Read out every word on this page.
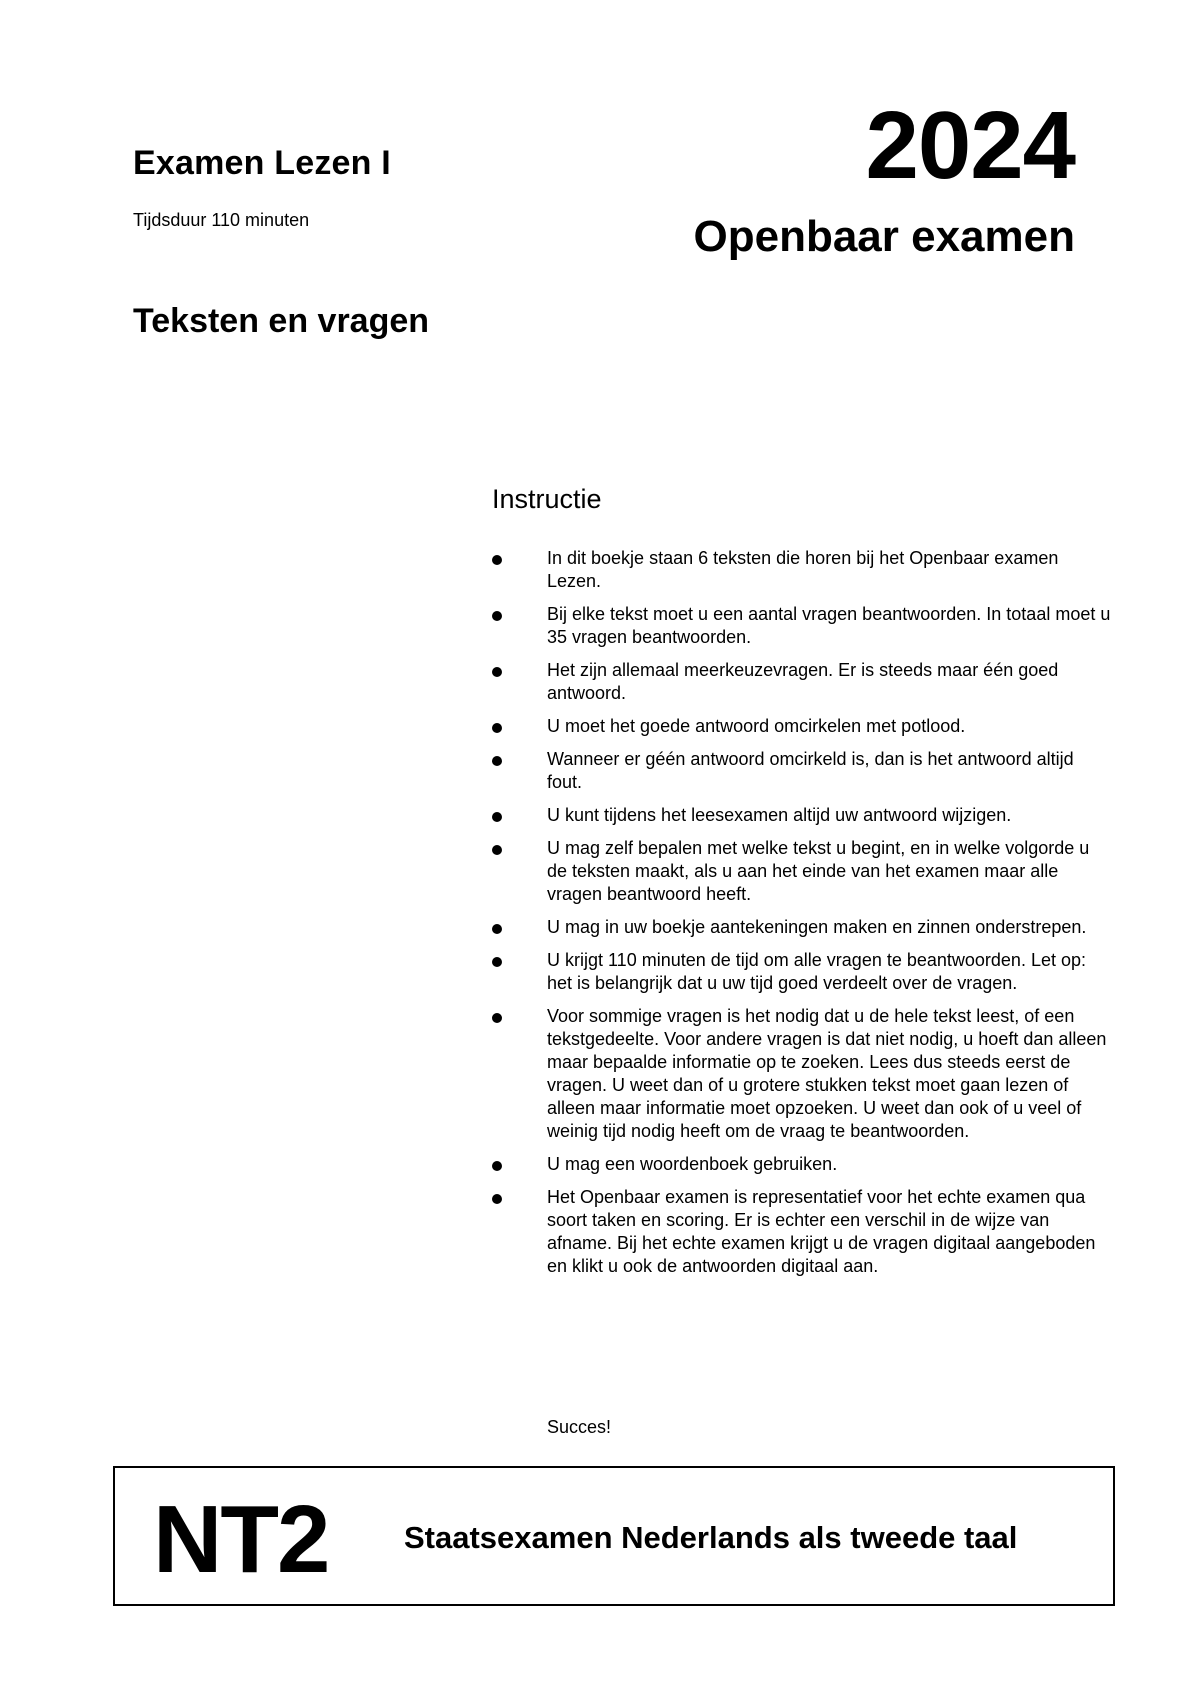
Examen Lezen I
Tijdsduur 110 minuten
Teksten en vragen
2024
Openbaar examen
Instructie
In dit boekje staan 6 teksten die horen bij het Openbaar examen Lezen.
Bij elke tekst moet u een aantal vragen beantwoorden. In totaal moet u 35 vragen beantwoorden.
Het zijn allemaal meerkeuzevragen. Er is steeds maar één goed antwoord.
U moet het goede antwoord omcirkelen met potlood.
Wanneer er géén antwoord omcirkeld is, dan is het antwoord altijd fout.
U kunt tijdens het leesexamen altijd uw antwoord wijzigen.
U mag zelf bepalen met welke tekst u begint, en in welke volgorde u de teksten maakt, als u aan het einde van het examen maar alle vragen beantwoord heeft.
U mag in uw boekje aantekeningen maken en zinnen onderstrepen.
U krijgt 110 minuten de tijd om alle vragen te beantwoorden. Let op: het is belangrijk dat u uw tijd goed verdeelt over de vragen.
Voor sommige vragen is het nodig dat u de hele tekst leest, of een tekstgedeelte. Voor andere vragen is dat niet nodig, u hoeft dan alleen maar bepaalde informatie op te zoeken. Lees dus steeds eerst de vragen. U weet dan of u grotere stukken tekst moet gaan lezen of alleen maar informatie moet opzoeken. U weet dan ook of u veel of weinig tijd nodig heeft om de vraag te beantwoorden.
U mag een woordenboek gebruiken.
Het Openbaar examen is representatief voor het echte examen qua soort taken en scoring. Er is echter een verschil in de wijze van afname. Bij het echte examen krijgt u de vragen digitaal aangeboden en klikt u ook de antwoorden digitaal aan.
Succes!
NT2 Staatsexamen Nederlands als tweede taal
